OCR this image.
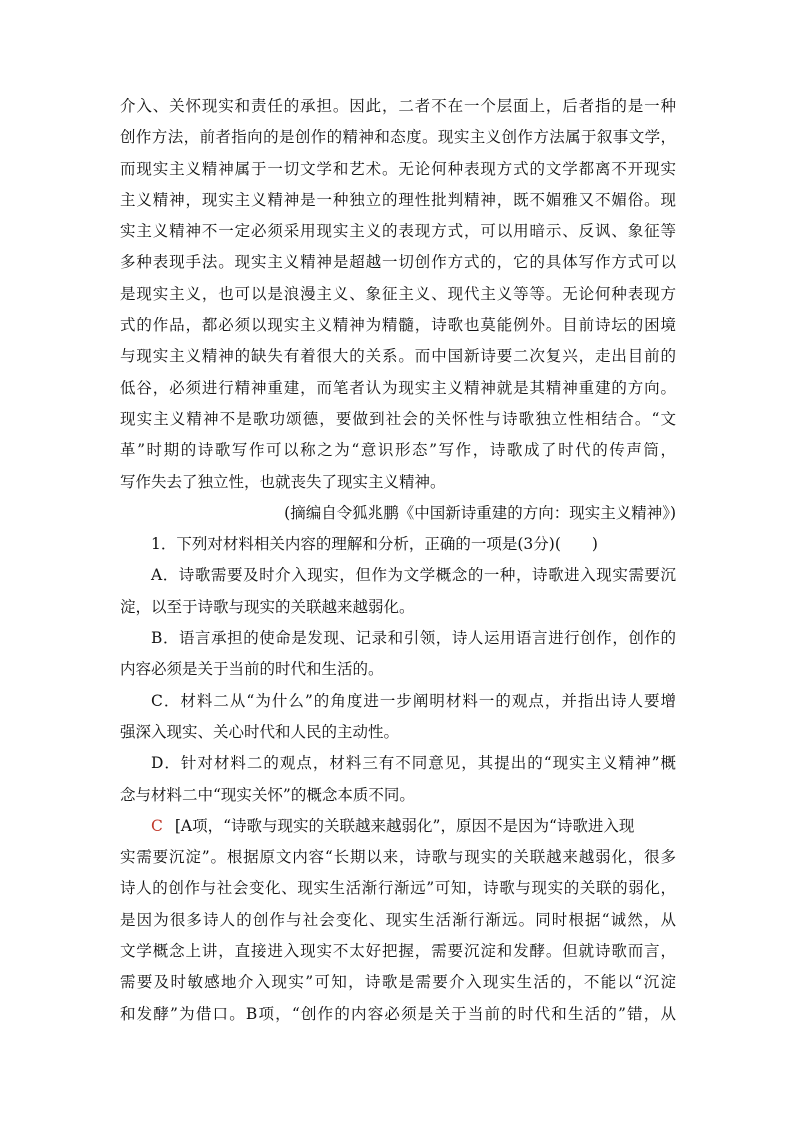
介入、关怀现实和责任的承担。因此，二者不在一个层面上，后者指的是一种
创作方法，前者指向的是创作的精神和态度。现实主义创作方法属于叙事文学，
而现实主义精神属于一切文学和艺术。无论何种表现方式的文学都离不开现实
主义精神，现实主义精神是一种独立的理性批判精神，既不媚雅又不媚俗。现
实主义精神不一定必须采用现实主义的表现方式，可以用暗示、反讽、象征等
多种表现手法。现实主义精神是超越一切创作方式的，它的具体写作方式可以
是现实主义，也可以是浪漫主义、象征主义、现代主义等等。无论何种表现方
式的作品，都必须以现实主义精神为精髓，诗歌也莫能例外。目前诗坛的困境
与现实主义精神的缺失有着很大的关系。而中国新诗要二次复兴，走出目前的
低谷，必须进行精神重建，而笔者认为现实主义精神就是其精神重建的方向。
现实主义精神不是歌功颂德，要做到社会的关怀性与诗歌独立性相结合。“文
革”时期的诗歌写作可以称之为“意识形态”写作，诗歌成了时代的传声筒，
写作失去了独立性，也就丧失了现实主义精神。
(摘编自令狐兆鹏《中国新诗重建的方向：现实主义精神》)
1．下列对材料相关内容的理解和分析，正确的一项是(3分)(　　)
A．诗歌需要及时介入现实，但作为文学概念的一种，诗歌进入现实需要沉
淀，以至于诗歌与现实的关联越来越弱化。
B．语言承担的使命是发现、记录和引领，诗人运用语言进行创作，创作的
内容必须是关于当前的时代和生活的。
C．材料二从“为什么”的角度进一步阐明材料一的观点，并指出诗人要增
强深入现实、关心时代和人民的主动性。
D．针对材料二的观点，材料三有不同意见，其提出的“现实主义精神”概
念与材料二中“现实关怀”的概念本质不同。
C [A项，“诗歌与现实的关联越来越弱化”，原因不是因为“诗歌进入现
实需要沉淀”。根据原文内容“长期以来，诗歌与现实的关联越来越弱化，很多
诗人的创作与社会变化、现实生活渐行渐远”可知，诗歌与现实的关联的弱化，
是因为很多诗人的创作与社会变化、现实生活渐行渐远。同时根据“诚然，从
文学概念上讲，直接进入现实不太好把握，需要沉淀和发酵。但就诗歌而言，
需要及时敏感地介入现实”可知，诗歌是需要介入现实生活的，不能以“沉淀
和发酵”为借口。B项，“创作的内容必须是关于当前的时代和生活的”错，从
